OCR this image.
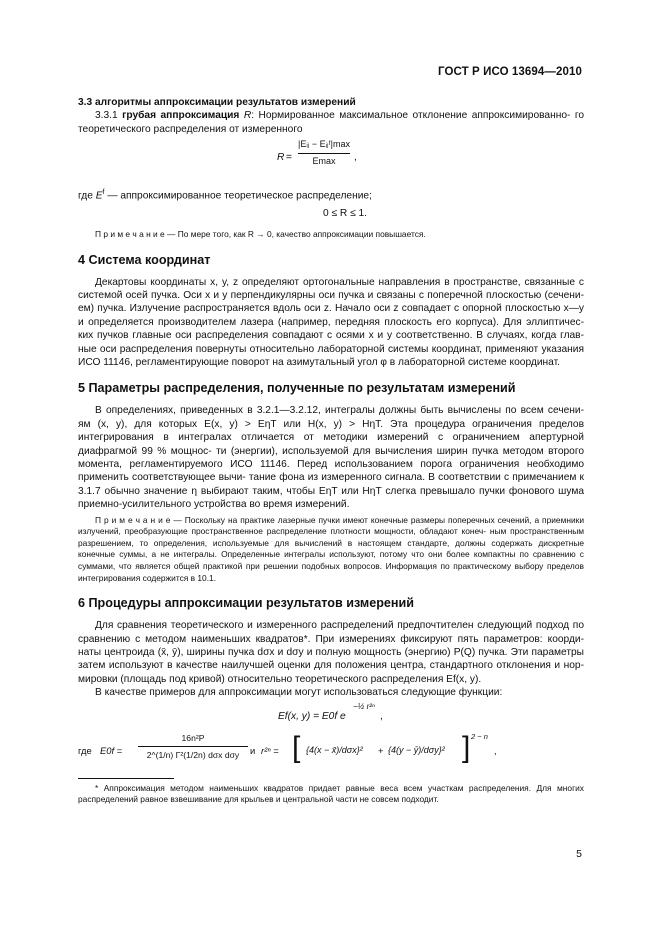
ГОСТ Р ИСО 13694—2010

3.3 алгоритмы аппроксимации результатов измерений

3.3.1 грубая аппроксимация R: Нормированное максимальное отклонение аппроксимированно- го теоретического распределения от измеренного

R =
|Eᵢⱼ − Eᵢⱼᶠ|max
Emax	,

где $E^f$ — аппроксимированное теоретическое распределение;

0 ≤ R ≤ 1.

П р и м е ч а н и е — По мере того, как R → 0, качество аппроксимации повышается.

4 Система координат

Декартовы координаты x, y, z определяют ортогональные направления в пространстве, связанные с системой осей пучка. Оси x и y перпендикулярны оси пучка и связаны с поперечной плоскостью (сечени- ем) пучка. Излучение распространяется вдоль оси z. Начало оси z совпадает с опорной плоскостью x—y и определяется производителем лазера (например, передняя плоскость его корпуса). Для эллиптичес- ких пучков главные оси распределения совпадают с осями x и y соответственно. В случаях, когда глав- ные оси распределения повернуты относительно лабораторной системы координат, применяют указания ИСО 11146, регламентирующие поворот на азимутальный угол φ в лабораторной системе координат.

5 Параметры распределения, полученные по результатам измерений

В определениях, приведенных в 3.2.1—3.2.12, интегралы должны быть вычислены по всем сечени- ям (x, y), для которых E(x, y) > EηT или H(x, y) > HηT. Эта процедура ограничения пределов интегрирования в интегралах отличается от методики измерений с ограничением апертурной диафрагмой 99 % мощнос- ти (энергии), используемой для вычисления ширин пучка методом второго момента, регламентируемого ИСО 11146. Перед использованием порога ограничения необходимо применить соответствующее вычи- тание фона из измеренного сигнала. В соответствии с примечанием к 3.1.7 обычно значение η выбирают таким, чтобы EηT или HηT слегка превышало пучки фонового шума приемно-усилительного устройства во время измерений.

П р и м е ч а н и е — Поскольку на практике лазерные пучки имеют конечные размеры поперечных сечений, а приемники излучений, преобразующие пространственное распределение плотности мощности, обладают конеч- ным пространственным разрешением, то определения, используемые для вычислений в настоящем стандарте, должны содержать дискретные конечные суммы, а не интегралы. Определенные интегралы используют, потому что они более компактны по сравнению с суммами, что является общей практикой при решении подобных вопросов. Информация по практическому выбору пределов интегрирования содержится в 10.1.

6 Процедуры аппроксимации результатов измерений

Для сравнения теоретического и измеренного распределений предпочтителен следующий подход по сравнению с методом наименьших квадратов*. При измерениях фиксируют пять параметров: коорди- наты центроида (x̄, ȳ), ширины пучка dσx и dσy и полную мощность (энергию) P(Q) пучка. Эти параметры затем используют в качестве наилучшей оценки для положения центра, стандартного отклонения и нор- мировки (площадь под кривой) относительно теоретического распределения Ef(x, y).

В качестве примеров для аппроксимации могут использоваться следующие функции:

Ef(x, y) = E0f e
−½ r²ⁿ
,
где E0f =
16n²P
2^(1/n) Γ²(1/2n) dσx dσy	и r²ⁿ = [ {4(x − x̄)/dσx}² + {4(y − ȳ)/dσy}² ] 2 − n
,

* Аппроксимация методом наименьших квадратов придает равные веса всем участкам распределения. Для многих распределений равное взвешивание для крыльев и центральной части не совсем подходит.

5
